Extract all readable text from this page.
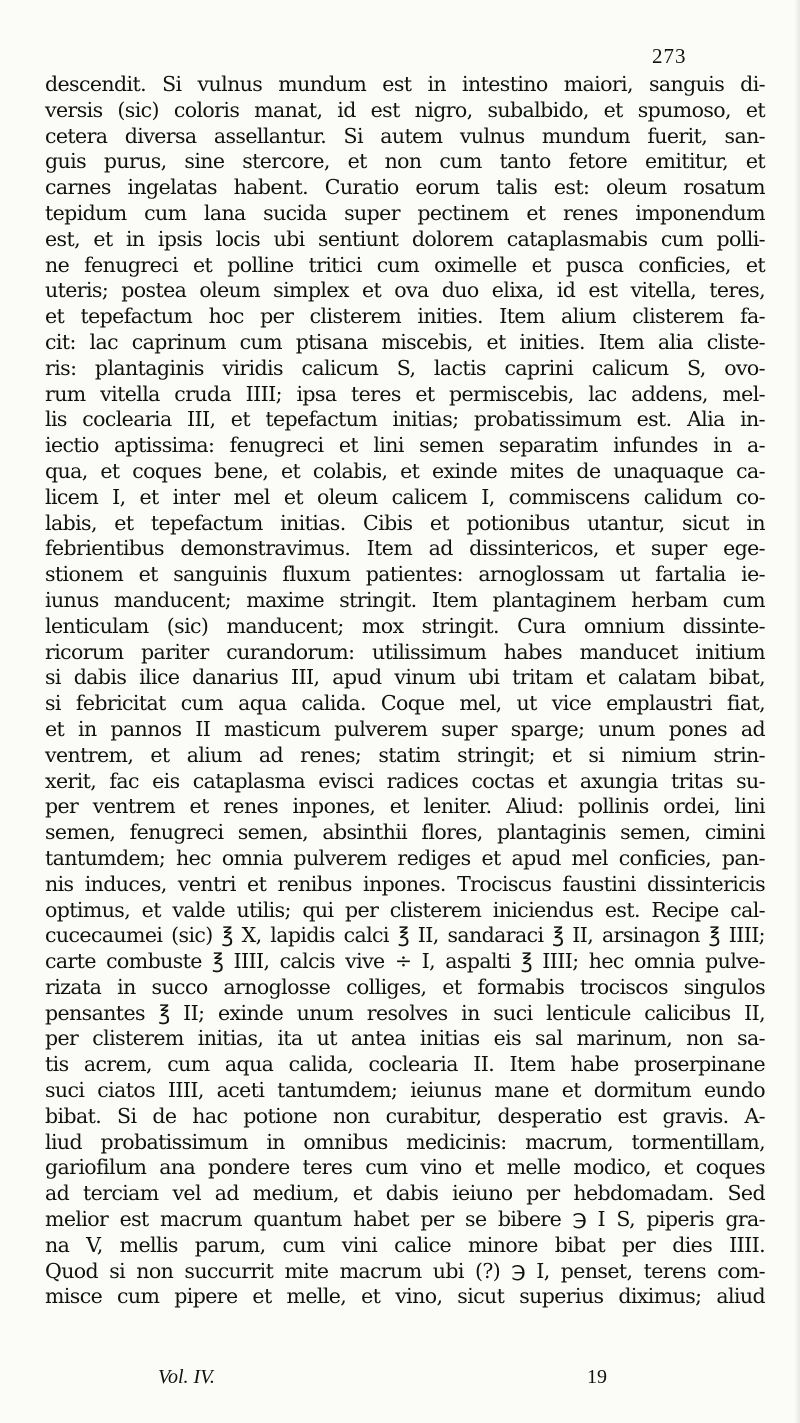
273
descendit. Si vulnus mundum est in intestino maiori, sanguis di-
versis (sic) coloris manat, id est nigro, subalbido, et spumoso, et
cetera diversa assellantur. Si autem vulnus mundum fuerit, san-
guis purus, sine stercore, et non cum tanto fetore emititur, et
carnes ingelatas habent. Curatio eorum talis est: oleum rosatum
tepidum cum lana sucida super pectinem et renes imponendum
est, et in ipsis locis ubi sentiunt dolorem cataplasmabis cum polli-
ne fenugreci et polline tritici cum oximelle et pusca conficies, et
uteris; postea oleum simplex et ova duo elixa, id est vitella, teres,
et tepefactum hoc per clisterem inities. Item alium clisterem fa-
cit: lac caprinum cum ptisana miscebis, et inities. Item alia cliste-
ris: plantaginis viridis calicum S, lactis caprini calicum S, ovo-
rum vitella cruda IIII; ipsa teres et permiscebis, lac addens, mel-
lis coclearia III, et tepefactum initias; probatissimum est. Alia in-
iectio aptissima: fenugreci et lini semen separatim infundes in a-
qua, et coques bene, et colabis, et exinde mites de unaquaque ca-
licem I, et inter mel et oleum calicem I, commiscens calidum co-
labis, et tepefactum initias. Cibis et potionibus utantur, sicut in
febrientibus demonstravimus. Item ad dissintericos, et super ege-
stionem et sanguinis fluxum patientes: arnoglossam ut fartalia ie-
iunus manducent; maxime stringit. Item plantaginem herbam cum
lenticulam (sic) manducent; mox stringit. Cura omnium dissinte-
ricorum pariter curandorum: utilissimum habes manducet initium
si dabis ilice danarius III, apud vinum ubi tritam et calatam bibat,
si febricitat cum aqua calida. Coque mel, ut vice emplaustri fiat,
et in pannos II masticum pulverem super sparge; unum pones ad
ventrem, et alium ad renes; statim stringit; et si nimium strin-
xerit, fac eis cataplasma evisci radices coctas et axungia tritas su-
per ventrem et renes inpones, et leniter. Aliud: pollinis ordei, lini
semen, fenugreci semen, absinthii flores, plantaginis semen, cimini
tantumdem; hec omnia pulverem rediges et apud mel conficies, pan-
nis induces, ventri et renibus inpones. Trociscus faustini dissintericis
optimus, et valde utilis; qui per clisterem iniciendus est. Recipe cal-
cucecaumei (sic) ℥ X, lapidis calci ℥ II, sandaraci ℥ II, arsinagon ℥ IIII;
carte combuste ℥ IIII, calcis vive ÷ I, aspalti ℥ IIII; hec omnia pulve-
rizata in succo arnoglosse colliges, et formabis trociscos singulos
pensantes ℥ II; exinde unum resolves in suci lenticule calicibus II,
per clisterem initias, ita ut antea initias eis sal marinum, non sa-
tis acrem, cum aqua calida, coclearia II. Item habe proserpinane
suci ciatos IIII, aceti tantumdem; ieiunus mane et dormitum eundo
bibat. Si de hac potione non curabitur, desperatio est gravis. A-
liud probatissimum in omnibus medicinis: macrum, tormentillam,
gariofilum ana pondere teres cum vino et melle modico, et coques
ad terciam vel ad medium, et dabis ieiuno per hebdomadam. Sed
melior est macrum quantum habet per se bibere ℈ I S, piperis gra-
na V, mellis parum, cum vini calice minore bibat per dies IIII.
Quod si non succurrit mite macrum ubi (?) ℈ I, penset, terens com-
misce cum pipere et melle, et vino, sicut superius diximus; aliud
Vol. IV.	19
